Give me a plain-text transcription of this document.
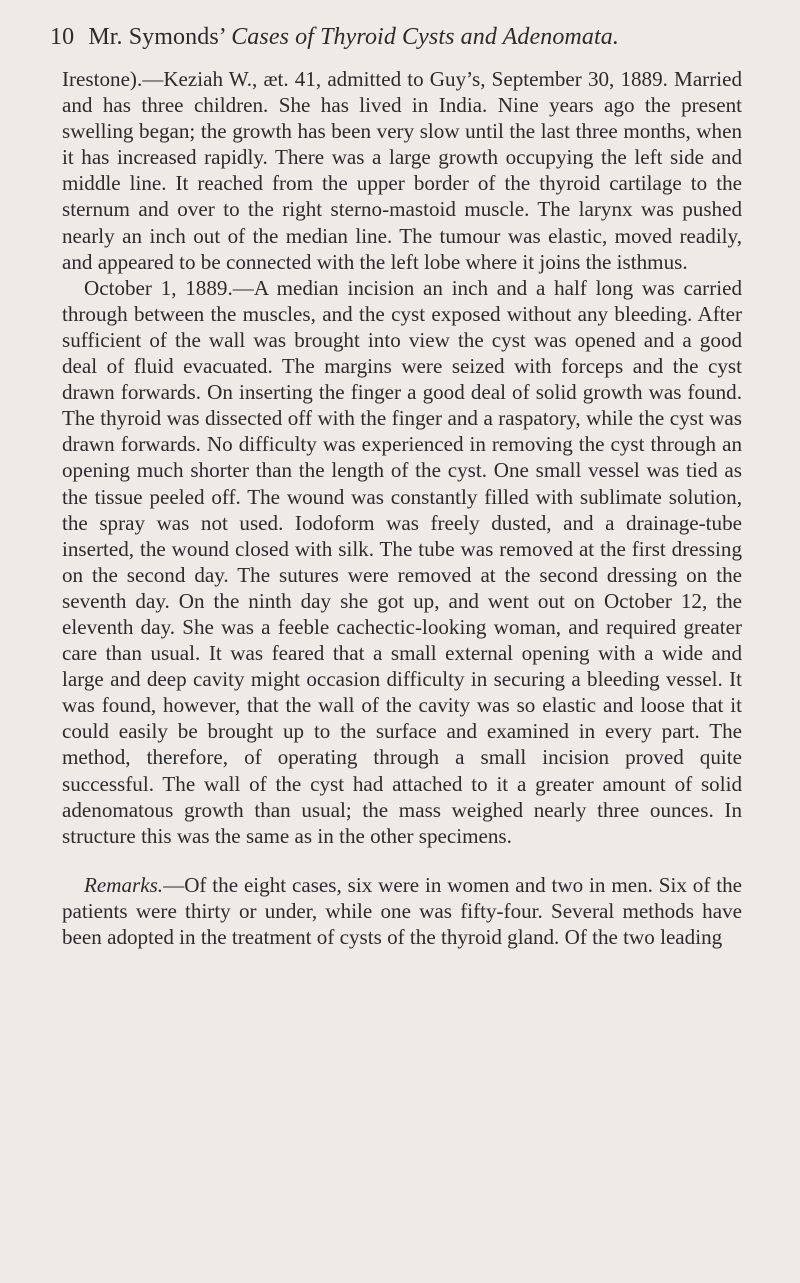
10 Mr. Symonds’ Cases of Thyroid Cysts and Adenomata.

Irestone).—Keziah W., æt. 41, admitted to Guy’s, September 30, 1889. Married and has three children. She has lived in India. Nine years ago the present swelling began; the growth has been very slow until the last three months, when it has increased rapidly. There was a large growth occupying the left side and middle line. It reached from the upper border of the thyroid cartilage to the sternum and over to the right sterno-mastoid muscle. The larynx was pushed nearly an inch out of the median line. The tumour was elastic, moved readily, and appeared to be connected with the left lobe where it joins the isthmus.

October 1, 1889.—A median incision an inch and a half long was carried through between the muscles, and the cyst exposed without any bleeding. After sufficient of the wall was brought into view the cyst was opened and a good deal of fluid evacuated. The margins were seized with forceps and the cyst drawn forwards. On inserting the finger a good deal of solid growth was found. The thyroid was dissected off with the finger and a raspatory, while the cyst was drawn forwards. No difficulty was experienced in removing the cyst through an opening much shorter than the length of the cyst. One small vessel was tied as the tissue peeled off. The wound was constantly filled with sublimate solution, the spray was not used. Iodoform was freely dusted, and a drainage-tube inserted, the wound closed with silk. The tube was removed at the first dressing on the second day. The sutures were removed at the second dressing on the seventh day. On the ninth day she got up, and went out on October 12, the eleventh day. She was a feeble cachectic-looking woman, and required greater care than usual. It was feared that a small external opening with a wide and large and deep cavity might occasion difficulty in securing a bleeding vessel. It was found, however, that the wall of the cavity was so elastic and loose that it could easily be brought up to the surface and examined in every part. The method, therefore, of operating through a small incision proved quite successful. The wall of the cyst had attached to it a greater amount of solid adenomatous growth than usual; the mass weighed nearly three ounces. In structure this was the same as in the other specimens.

Remarks.—Of the eight cases, six were in women and two in men. Six of the patients were thirty or under, while one was fifty-four. Several methods have been adopted in the treatment of cysts of the thyroid gland. Of the two leading
